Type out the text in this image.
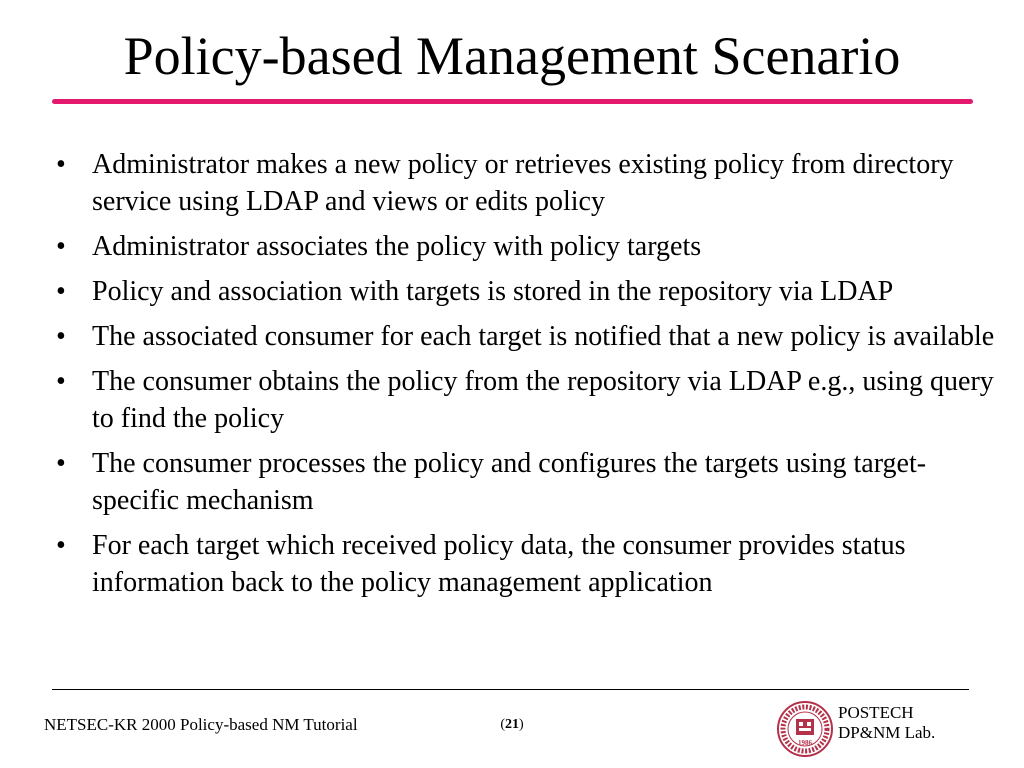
Policy-based Management Scenario
• Administrator makes a new policy or retrieves existing policy from directory service using LDAP and views or edits policy
• Administrator associates the policy with policy targets
• Policy and association with targets is stored in the repository via LDAP
• The associated consumer for each target is notified that a new policy is available
• The consumer obtains the policy from the repository via LDAP e.g., using query to find the policy
• The consumer processes the policy and configures the targets using target-specific mechanism
• For each target which received policy data, the consumer provides status information back to the policy management application
NETSEC-KR 2000 Policy-based NM Tutorial	(21)
1986
POSTECH
DP&NM Lab.
